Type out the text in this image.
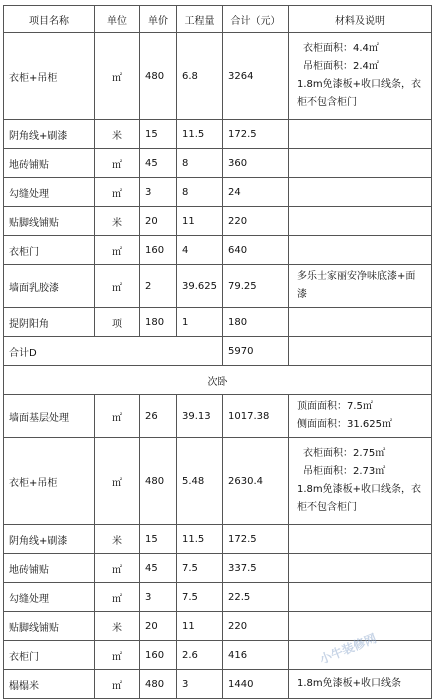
项目名称	单位	单价	工程量	合计（元）	材料及说明
衣柜+吊柜	㎡	480	6.8	3264	衣柜面积：4.4㎡
吊柜面积：2.4㎡
1.8m免漆板+收口线条，衣
柜不包含柜门

阴角线+刷漆	米	15	11.5	172.5	
地砖铺贴	㎡	45	8	360	
勾缝处理	㎡	3	8	24	
贴脚线铺贴	米	20	11	220	
衣柜门	㎡	160	4	640	
墙面乳胶漆	㎡	2	39.625	79.25	多乐士家丽安净味底漆+面
漆

提阴阳角	项	180	1	180	
合计D				5970	
次卧					
墙面基层处理	㎡	26	39.13	1017.38	顶面面积：7.5㎡
侧面面积：31.625㎡

衣柜+吊柜	㎡	480	5.48	2630.4	衣柜面积：2.75㎡
吊柜面积：2.73㎡
1.8m免漆板+收口线条，衣
柜不包含柜门

阴角线+刷漆	米	15	11.5	172.5	
地砖铺贴	㎡	45	7.5	337.5	
勾缝处理	㎡	3	7.5	22.5	
贴脚线铺贴	米	20	11	220	
衣柜门	㎡	160	2.6	416	
榻榻米	㎡	480	3	1440	1.8m免漆板+收口线条
小牛装修网
